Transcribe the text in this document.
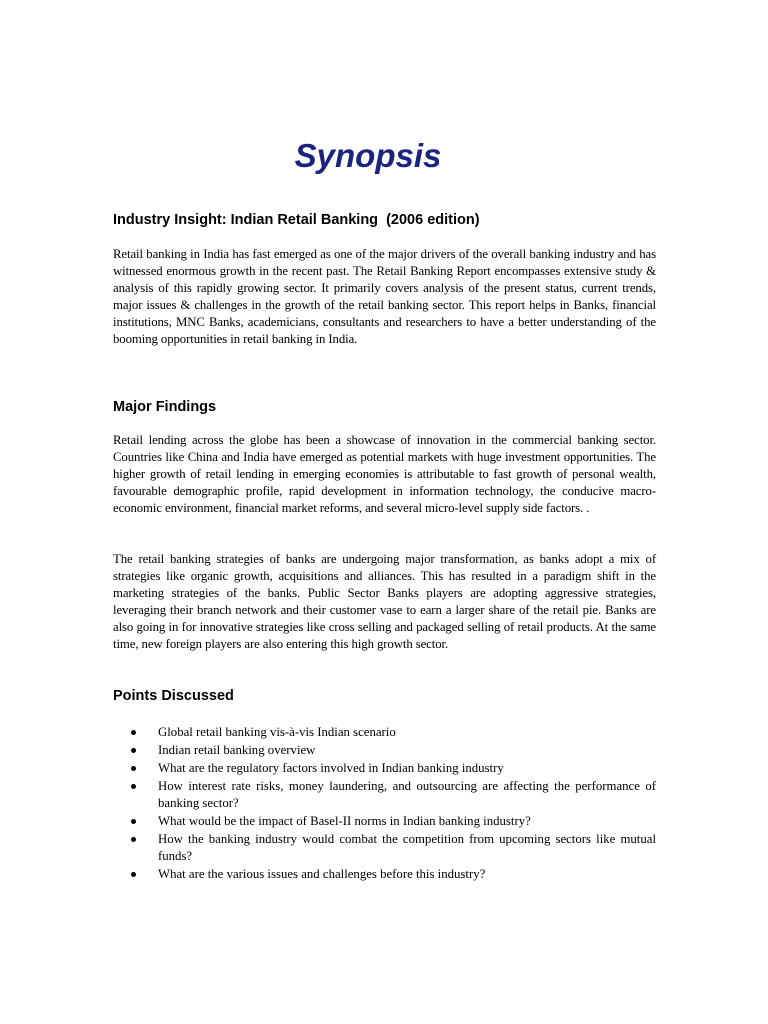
Synopsis
Industry Insight: Indian Retail Banking  (2006 edition)

Retail banking in India has fast emerged as one of the major drivers of the overall banking industry and has witnessed enormous growth in the recent past. The Retail Banking Report encompasses extensive study & analysis of this rapidly growing sector. It primarily covers analysis of the present status, current trends, major issues & challenges in the growth of the retail banking sector. This report helps in Banks, financial institutions, MNC Banks, academicians, consultants and researchers to have a better understanding of the booming opportunities in retail banking in India.

Major Findings

Retail lending across the globe has been a showcase of innovation in the commercial banking sector. Countries like China and India have emerged as potential markets with huge investment opportunities. The higher growth of retail lending in emerging economies is attributable to fast growth of personal wealth, favourable demographic profile, rapid development in information technology, the conducive macro-economic environment, financial market reforms, and several micro-level supply side factors. .

The retail banking strategies of banks are undergoing major transformation, as banks adopt a mix of strategies like organic growth, acquisitions and alliances. This has resulted in a paradigm shift in the marketing strategies of the banks. Public Sector Banks players are adopting aggressive strategies, leveraging their branch network and their customer vase to earn a larger share of the retail pie. Banks are also going in for innovative strategies like cross selling and packaged selling of retail products. At the same time, new foreign players are also entering this high growth sector.

Points Discussed
Global retail banking vis-à-vis Indian scenario
Indian retail banking overview
What are the regulatory factors involved in Indian banking industry
How interest rate risks, money laundering, and outsourcing are affecting the performance of banking sector?
What would be the impact of Basel-II norms in Indian banking industry?
How the banking industry would combat the competition from upcoming sectors like mutual funds?
What are the various issues and challenges before this industry?
